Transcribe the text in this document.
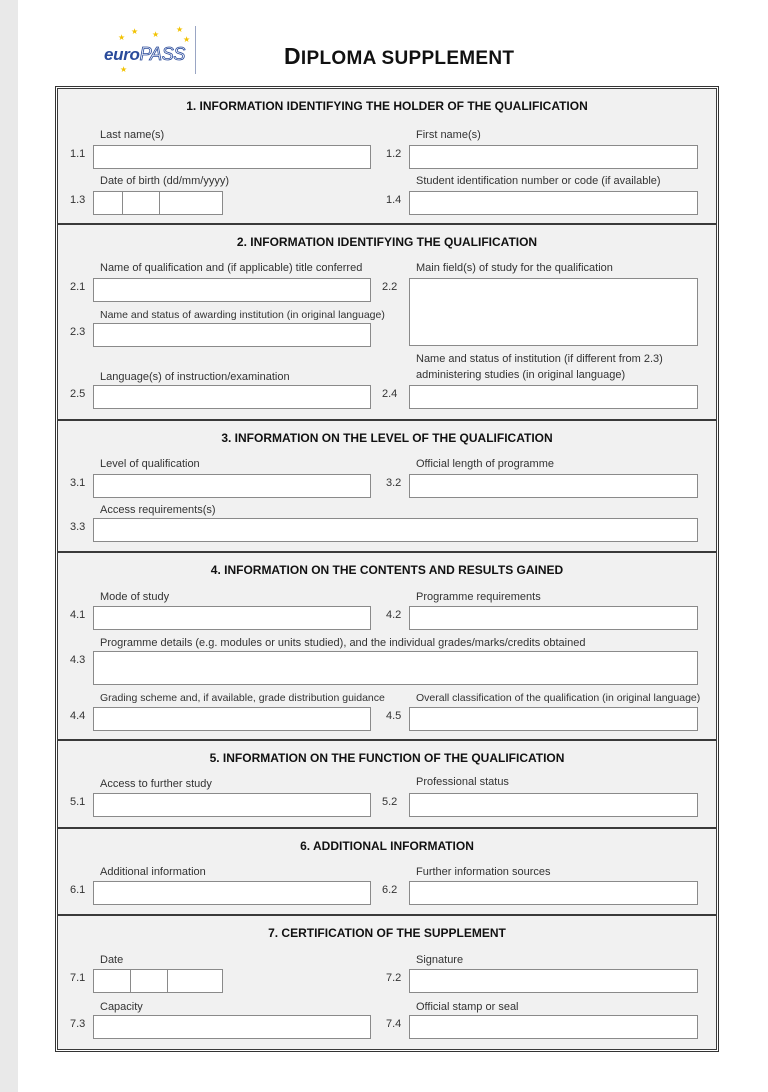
★
★ ★
★
★
★
euroPASS	DIPLOMA SUPPLEMENT
1. INFORMATION IDENTIFYING THE HOLDER OF THE QUALIFICATION
Last name(s)
1.1
First name(s)
1.2
Date of birth (dd/mm/yyyy)
1.3
Student identification number or code (if available)
1.4
2. INFORMATION IDENTIFYING THE QUALIFICATION
Name of qualification and (if applicable) title conferred
2.1
Main field(s) of study for the qualification
2.2
Name and status of awarding institution (in original language)
2.3
Name and status of institution (if different from 2.3)
administering studies (in original language)
2.4
Language(s) of instruction/examination
2.5
3. INFORMATION ON THE LEVEL OF THE QUALIFICATION
Level of qualification
3.1
Official length of programme
3.2
Access requirements(s)
3.3
4. INFORMATION ON THE CONTENTS AND RESULTS GAINED
Mode of study
4.1
Programme requirements
4.2
Programme details (e.g. modules or units studied), and the individual grades/marks/credits obtained
4.3
Grading scheme and, if available, grade distribution guidance
4.4
Overall classification of the qualification (in original language)
4.5
5. INFORMATION ON THE FUNCTION OF THE QUALIFICATION
Access to further study
5.1
Professional status
5.2
6. ADDITIONAL INFORMATION
Additional information
6.1
Further information sources
6.2
7. CERTIFICATION OF THE SUPPLEMENT
Date
7.1
Signature
7.2
Capacity
7.3
Official stamp or seal
7.4
